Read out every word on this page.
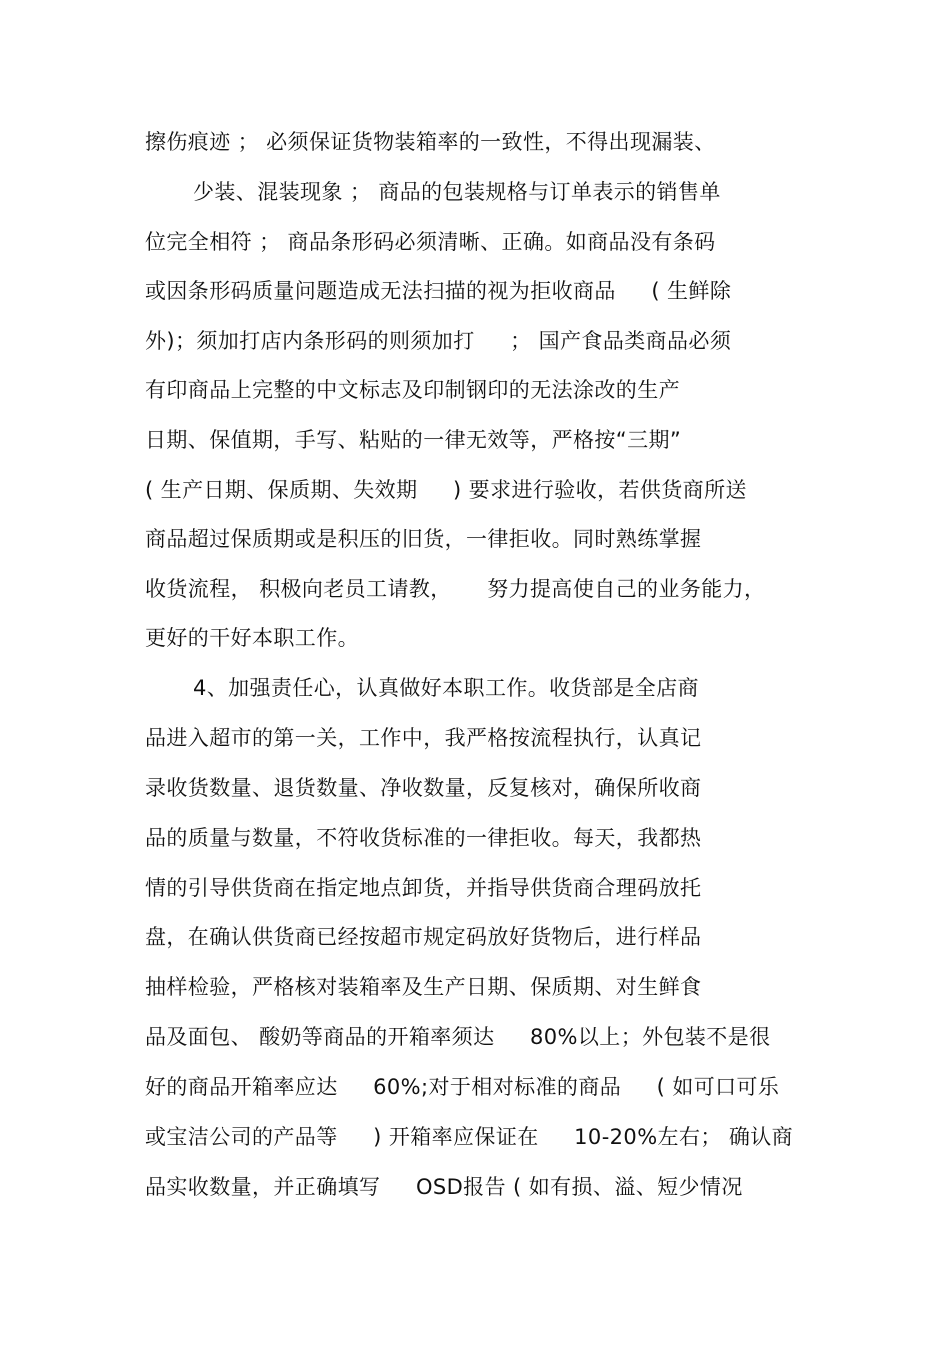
擦伤痕迹 ； 必须保证货物装箱率的一致性，不得出现漏装、
少装、混装现象 ； 商品的包装规格与订单表示的销售单
位完全相符 ； 商品条形码必须清晰、正确。如商品没有条码
或因条形码质量问题造成无法扫描的视为拒收商品 　 ( 生鲜除
外)；须加打店内条形码的则须加打 　 ； 国产食品类商品必须
有印商品上完整的中文标志及印制钢印的无法涂改的生产
日期、保值期，手写、粘贴的一律无效等，严格按“三期”
( 生产日期、保质期、失效期 　 ) 要求进行验收，若供货商所送
商品超过保质期或是积压的旧货，一律拒收。同时熟练掌握
收货流程， 积极向老员工请教， 　 努力提高使自己的业务能力，
更好的干好本职工作。
4、加强责任心，认真做好本职工作。收货部是全店商
品进入超市的第一关，工作中，我严格按流程执行，认真记
录收货数量、退货数量、净收数量，反复核对，确保所收商
品的质量与数量，不符收货标准的一律拒收。每天，我都热
情的引导供货商在指定地点卸货，并指导供货商合理码放托
盘，在确认供货商已经按超市规定码放好货物后，进行样品
抽样检验，严格核对装箱率及生产日期、保质期、对生鲜食
品及面包、 酸奶等商品的开箱率须达 　 80%以上；外包装不是很
好的商品开箱率应达 　 60%;对于相对标准的商品 　 ( 如可口可乐
或宝洁公司的产品等 　 ) 开箱率应保证在 　 10-20%左右； 确认商
品实收数量，并正确填写 　 OSD报告 ( 如有损、溢、短少情况
